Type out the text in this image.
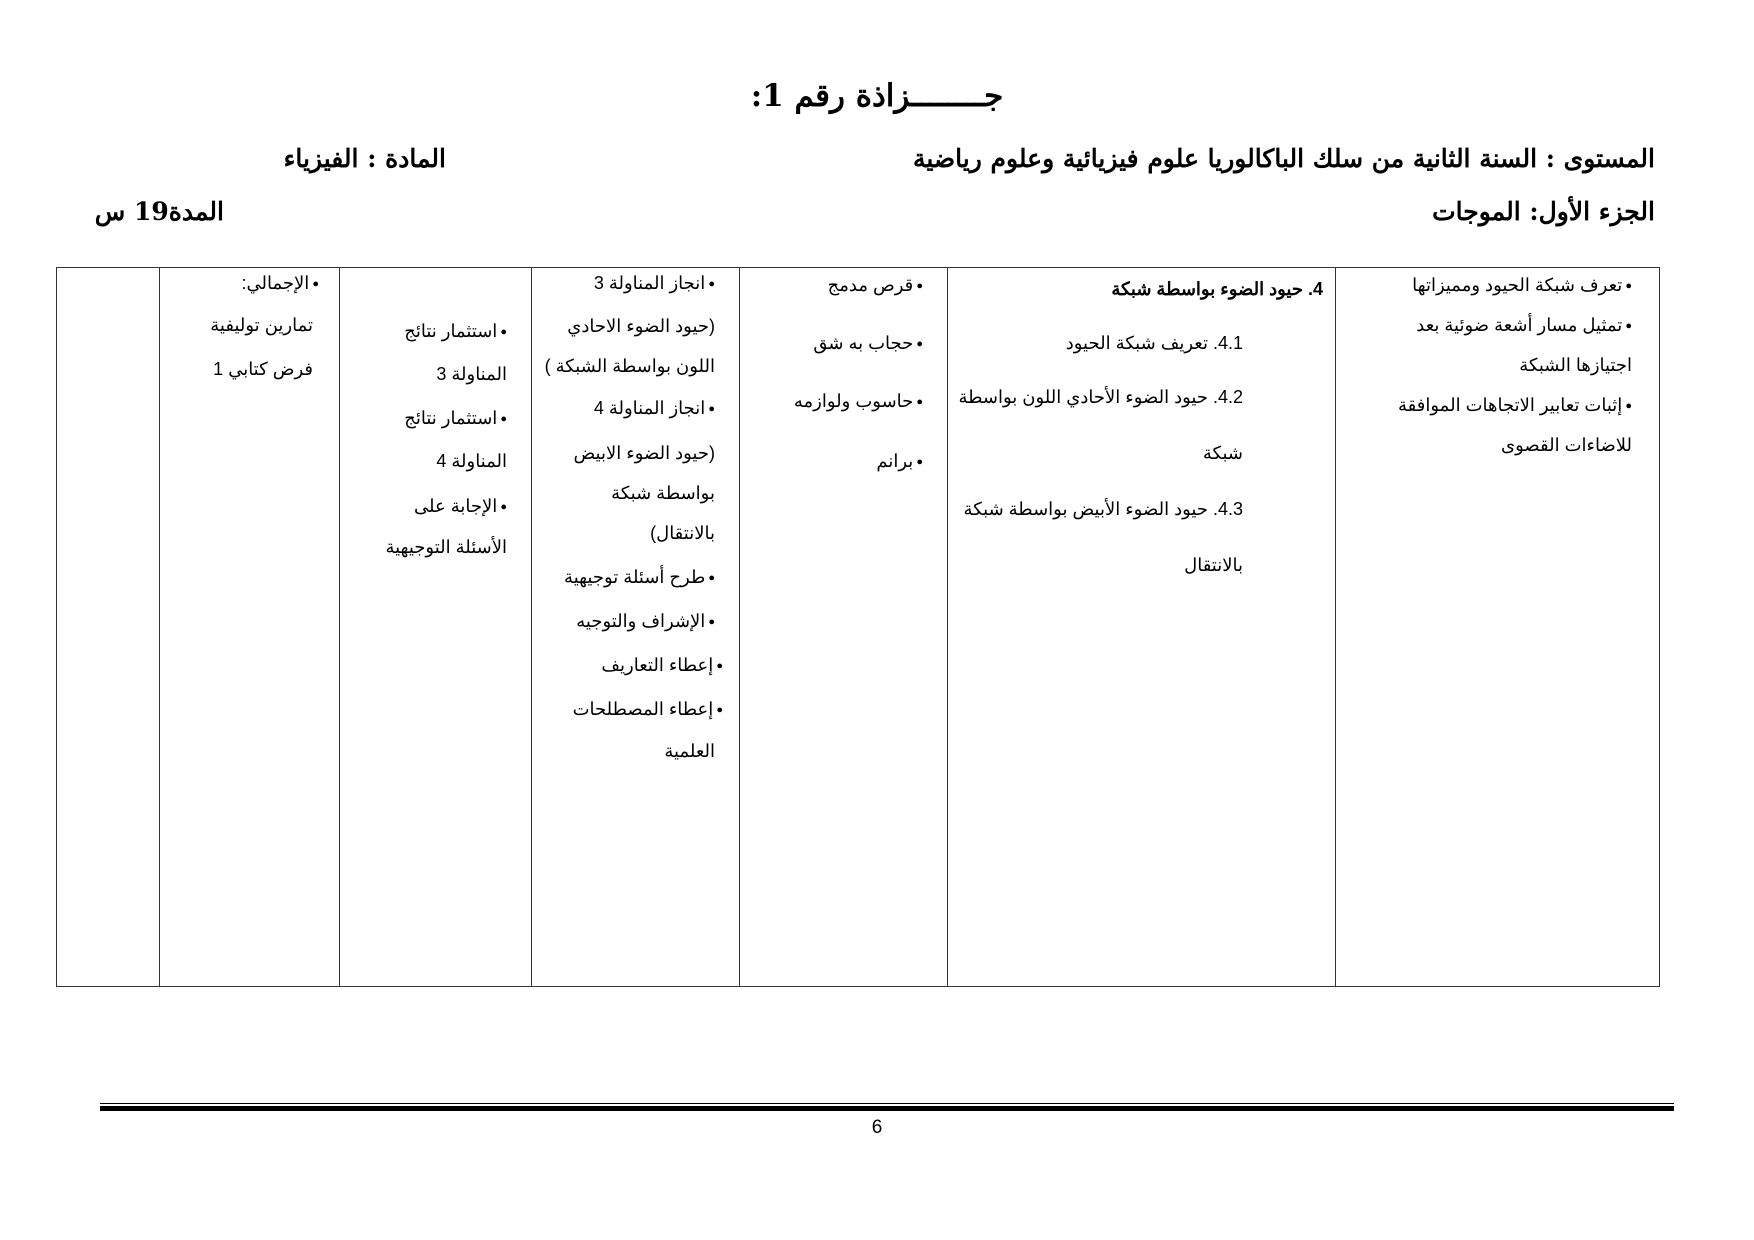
جــــــــزاذة رقم 1:
المستوى : السنة الثانية من سلك الباكالوريا علوم فيزيائية وعلوم رياضية
المادة : الفيزياء
الجزء الأول: الموجات
المدة19 س
● تعرف شبكة الحيود ومميزاتها
● تمثيل مسار أشعة ضوئية بعد
اجتيازها الشبكة
● إثبات تعابير الاتجاهات الموافقة
للاضاءات القصوى
4. حيود الضوء بواسطة شبكة
4.1. تعريف شبكة الحيود
4.2. حيود الضوء الأحادي اللون بواسطة
شبكة
4.3. حيود الضوء الأبيض بواسطة شبكة
بالانتقال
● قرص مدمج
● حجاب به شق
● حاسوب ولوازمه
● برانم
● انجاز المناولة 3
(حيود الضوء الاحادي
اللون بواسطة الشبكة )
● انجاز المناولة 4
(حيود الضوء الابيض
بواسطة شبكة
بالانتقال)
● طرح أسئلة توجيهية
● الإشراف والتوجيه
● إعطاء التعاريف
● إعطاء المصطلحات
العلمية
● استثمار نتائج
المناولة 3
● استثمار نتائج
المناولة 4
● الإجابة على
الأسئلة التوجيهية
● الإجمالي:
تمارين توليفية
فرض كتابي 1
6
